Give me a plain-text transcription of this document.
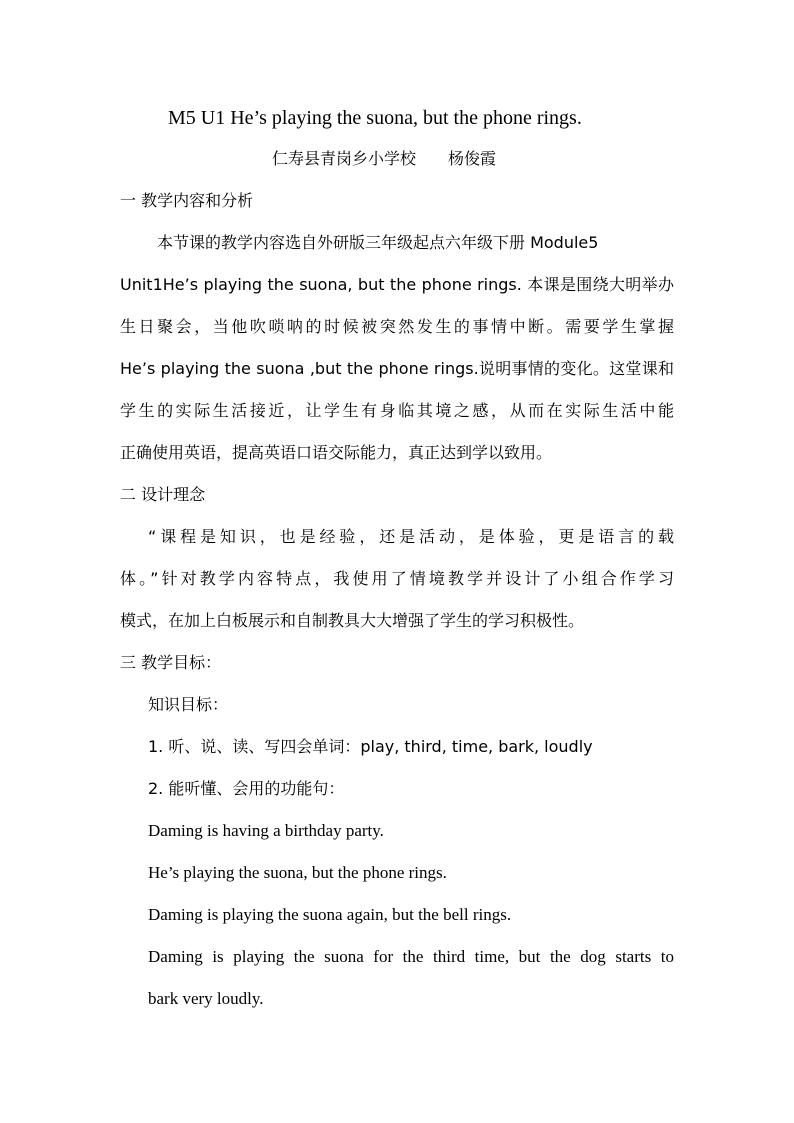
M5 U1 He’s playing the suona, but the phone rings.
仁寿县青岗乡小学校　　杨俊霞
一 教学内容和分析
本节课的教学内容选自外研版三年级起点六年级下册 Module5
Unit1He’s playing the suona, but the phone rings. 本课是围绕大明举办
生日聚会，当他吹唢呐的时候被突然发生的事情中断。需要学生掌握
He’s playing the suona ,but the phone rings.说明事情的变化。这堂课和
学生的实际生活接近，让学生有身临其境之感，从而在实际生活中能
正确使用英语，提高英语口语交际能力，真正达到学以致用。
二 设计理念
“课程是知识，也是经验，还是活动，是体验，更是语言的载
体。”针对教学内容特点，我使用了情境教学并设计了小组合作学习
模式，在加上白板展示和自制教具大大增强了学生的学习积极性。
三 教学目标：
知识目标：
1. 听、说、读、写四会单词：play, third, time, bark, loudly
2. 能听懂、会用的功能句：
Daming is having a birthday party.
He’s playing the suona, but the phone rings.
Daming is playing the suona again, but the bell rings.
Daming is playing the suona for the third time, but the dog starts to
bark very loudly.
